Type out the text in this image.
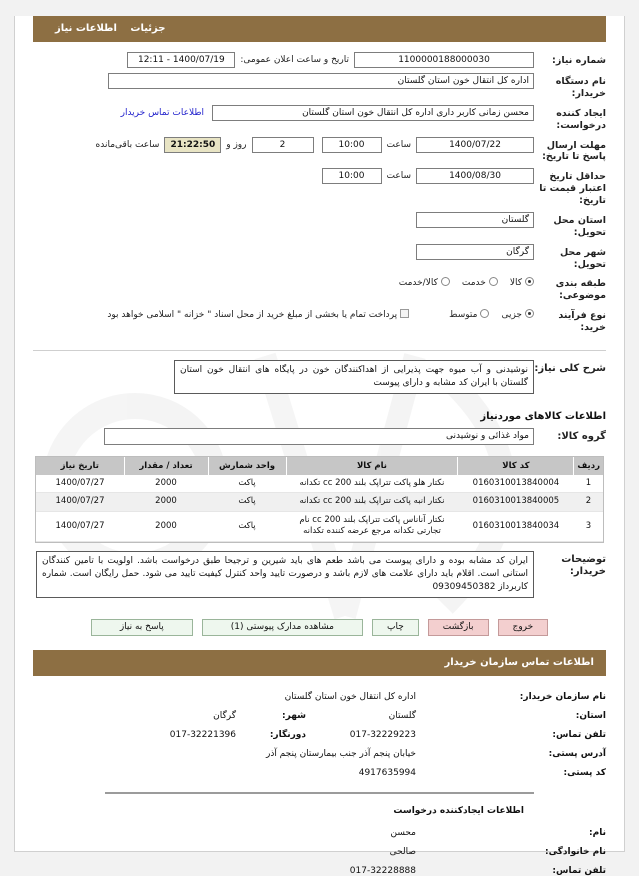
جزئیات اطلاعات نیاز
شماره نیاز:
1100000188000030
تاریخ و ساعت اعلان عمومی:
1400/07/19 - 12:11
نام دستگاه خریدار:
اداره کل انتقال خون استان گلستان
ایجاد کننده درخواست:
محسن زمانی کاربر داری اداره کل انتقال خون استان گلستان
اطلاعات تماس خریدار
مهلت ارسال پاسخ تا تاریخ:
1400/07/22
ساعت
10:00
2
روز و
21:22:50
ساعت باقی‌مانده
حداقل تاریخ اعتبار قیمت تا تاریخ:
1400/08/30
ساعت
10:00
استان محل تحویل:
گلستان
شهر محل تحویل:
گرگان
طبقه بندی موضوعی:
کالا
خدمت
کالا/خدمت
نوع فرآیند خرید:
جزیی
متوسط
پرداخت تمام یا بخشی از مبلغ خرید از محل اسناد " خزانه " اسلامی خواهد بود
شرح کلی نیاز:
نوشیدنی و آب میوه جهت پذیرایی از اهداکنندگان خون در پایگاه های انتقال خون استان گلستان با ایران کد مشابه و دارای پیوست
اطلاعات کالاهای موردنیاز
گروه کالا:
مواد غذائی و نوشیدنی
ردیف	کد کالا	نام کالا	واحد شمارش	تعداد / مقدار	تاریخ نیاز
1	0160310013840004	نکتار هلو پاکت تتراپک بلند 200 cc تکدانه	پاکت	2000	1400/07/27
2	0160310013840005	نکتار انبه پاکت تتراپک بلند 200 cc تکدانه	پاکت	2000	1400/07/27
3	0160310013840034	نکتار آناناس پاکت تتراپک بلند 200 cc نام تجارتی تکدانه مرجع عرضه کننده تکدانه	پاکت	2000	1400/07/27
توضیحات خریدار:
ایران کد مشابه بوده و دارای پیوست می باشد طعم های باید شیرین و ترجیحا طبق درخواست باشد. اولویت با تامین کنندگان استانی است. اقلام باید دارای علامت های لازم باشد و درصورت تایید واحد کنترل کیفیت تایید می شود. حمل رایگان است. شماره کاربرداز 09309450382
پاسخ به نیاز	مشاهده مدارک پیوستی (1)	چاپ	بازگشت	خروج
اطلاعات تماس سازمان خریدار
نام سازمان خریدار:
اداره کل انتقال خون استان گلستان
استان:
گلستان
شهر:
گرگان
تلفن تماس:
017-32229223
دورنگار:
017-32221396
آدرس پستی:
خیابان پنجم آذر جنب بیمارستان پنجم آذر
کد پستی:
4917635994
اطلاعات ایجادکننده درخواست
نام:
محسن
نام خانوادگی:
صالحی
تلفن تماس:
017-32228888
